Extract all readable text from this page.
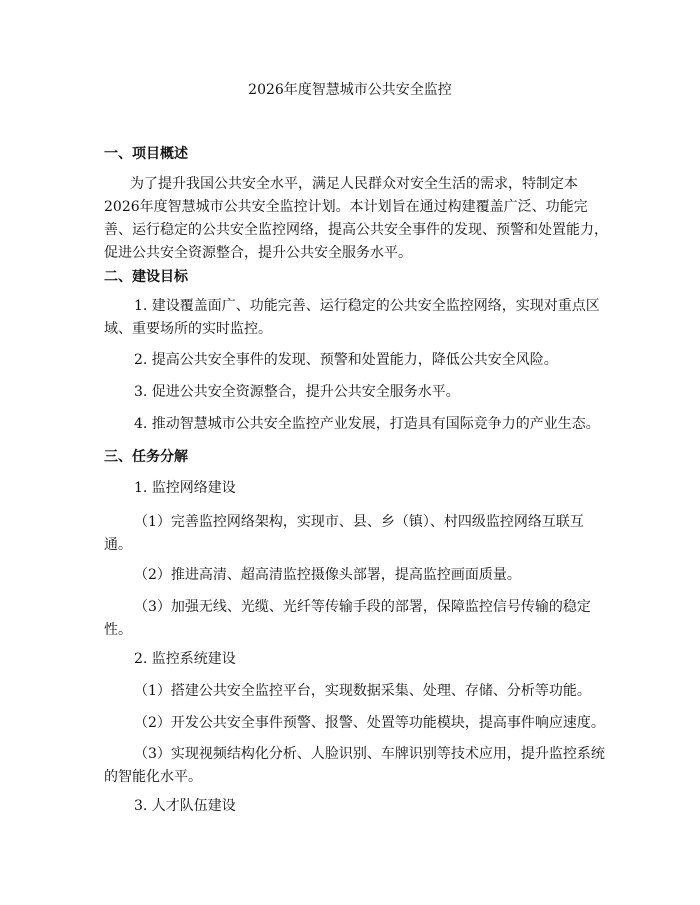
2026年度智慧城市公共安全监控
一、项目概述
为了提升我国公共安全水平，满足人民群众对安全生活的需求，特制定本
2026年度智慧城市公共安全监控计划。本计划旨在通过构建覆盖广泛、功能完
善、运行稳定的公共安全监控网络，提高公共安全事件的发现、预警和处置能力，
促进公共安全资源整合，提升公共安全服务水平。
二、建设目标
1. 建设覆盖面广、功能完善、运行稳定的公共安全监控网络，实现对重点区
域、重要场所的实时监控。
2. 提高公共安全事件的发现、预警和处置能力，降低公共安全风险。
3. 促进公共安全资源整合，提升公共安全服务水平。
4. 推动智慧城市公共安全监控产业发展，打造具有国际竞争力的产业生态。
三、任务分解
1. 监控网络建设
（1）完善监控网络架构，实现市、县、乡（镇）、村四级监控网络互联互
通。
（2）推进高清、超高清监控摄像头部署，提高监控画面质量。
（3）加强无线、光缆、光纤等传输手段的部署，保障监控信号传输的稳定
性。
2. 监控系统建设
（1）搭建公共安全监控平台，实现数据采集、处理、存储、分析等功能。
（2）开发公共安全事件预警、报警、处置等功能模块，提高事件响应速度。
（3）实现视频结构化分析、人脸识别、车牌识别等技术应用，提升监控系统
的智能化水平。
3. 人才队伍建设
